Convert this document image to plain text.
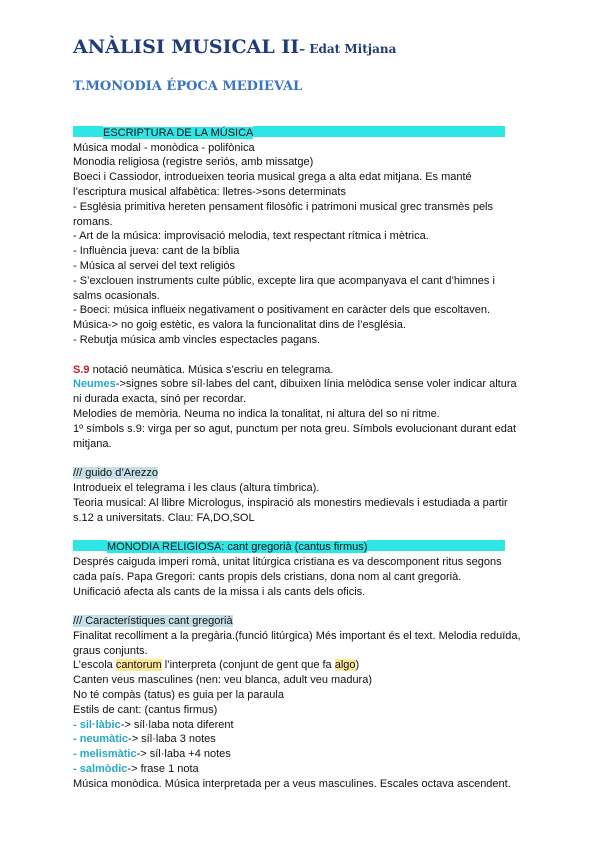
ANÀLISI MUSICAL II– Edat Mitjana
T.MONODIA ÉPOCA MEDIEVAL
ESCRIPTURA DE LA MÚSICA
Música modal - monòdica - polifònica
Monodia religiosa (registre seriós, amb missatge)
Boeci i Cassiodor, introdueixen teoria musical grega a alta edat mitjana. Es manté
l’escriptura musical alfabètica: lletres->sons determinats
- Església primitiva hereten pensament filosòfic i patrimoni musical grec transmès pels
romans.
- Art de la música: improvisació melodia, text respectant rítmica i mètrica.
- Influència jueva: cant de la bíblia
- Música al servei del text religiós
- S’exclouen instruments culte públic, excepte lira que acompanyava el cant d’himnes i
salms ocasionals.
- Boeci: música influeix negativament o positivament en caràcter dels que escoltaven.
Música-> no goig estètic, es valora la funcionalitat dins de l’església.
- Rebutja música amb vincles espectacles pagans.
S.9 notació neumàtica. Música s’escriu en telegrama.
Neumes->signes sobre síl·labes del cant, dibuixen línia melòdica sense voler indicar altura
ni durada exacta, sinó per recordar.
Melodies de memòria. Neuma no indica la tonalitat, ni altura del so ni ritme.
1º símbols s.9: virga per so agut, punctum per nota greu. Símbols evolucionant durant edat
mitjana.
/// guido d’Arezzo
Introdueix el telegrama i les claus (altura tímbrica).
Teoria musical: Al llibre Micrologus, inspiració als monestirs medievals i estudiada a partir
s.12 a universitats. Clau: FA,DO,SOL
MONODIA RELIGIOSA: cant gregorià (cantus firmus)
Després caiguda imperi romà, unitat litúrgica cristiana es va descomponent ritus segons
cada país. Papa Gregori: cants propis dels cristians, dona nom al cant gregorià.
Unificació afecta als cants de la missa i als cants dels oficis.
/// Característiques cant gregorià
Finalitat recolliment a la pregària.(funció litúrgica) Més important és el text. Melodia reduïda,
graus conjunts.
L’escola cantorum l’interpreta (conjunt de gent que fa algo)
Canten veus masculines (nen: veu blanca, adult veu madura)
No té compàs (tatus) es guia per la paraula
Estils de cant: (cantus firmus)
- sil·làbic-> síl·laba nota diferent
- neumàtic-> síl·laba 3 notes
- melismàtic-> síl·laba +4 notes
- salmòdic-> frase 1 nota
Música monòdica. Música interpretada per a veus masculines. Escales octava ascendent.
